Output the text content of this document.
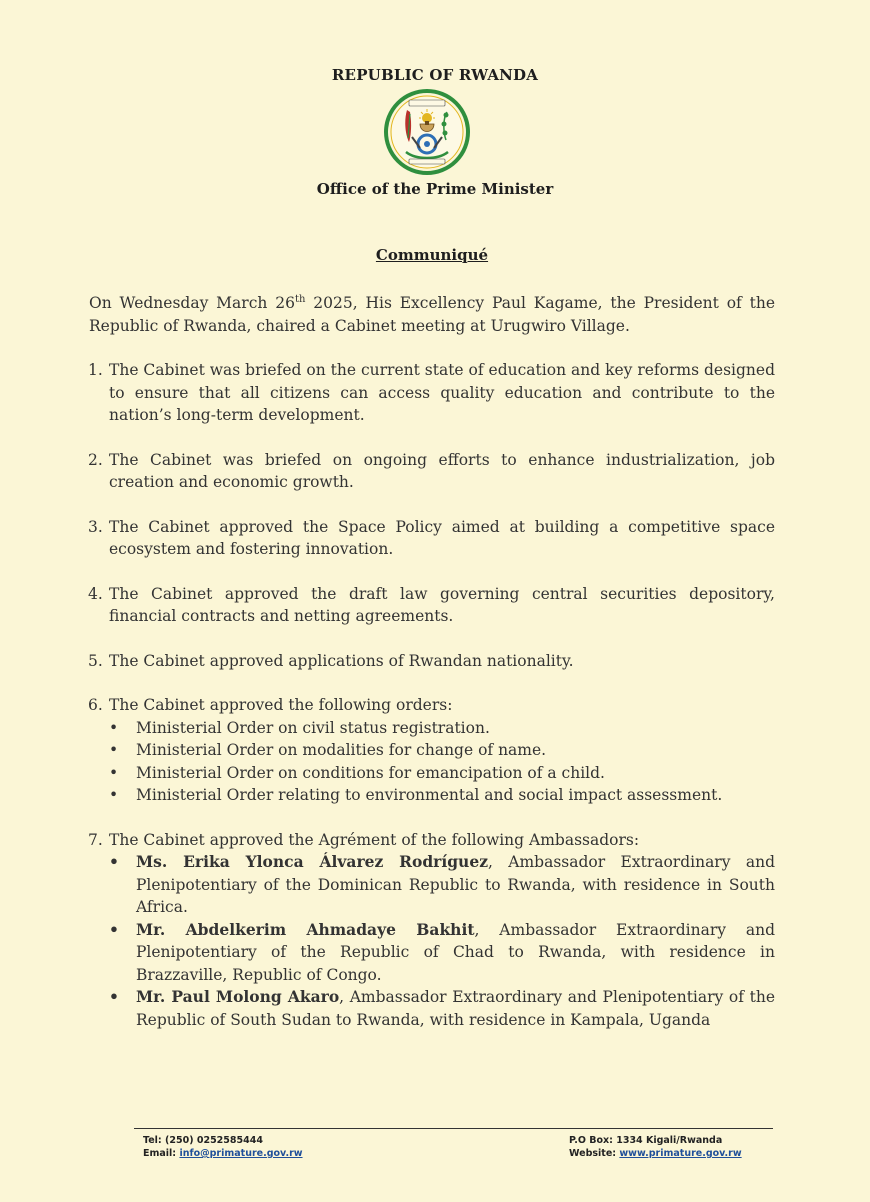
REPUBLIC OF RWANDA
Office of the Prime Minister
Communiqué

On Wednesday March 26th 2025, His Excellency Paul Kagame, the President of the Republic of Rwanda, chaired a Cabinet meeting at Urugwiro Village.

1. The Cabinet was briefed on the current state of education and key reforms designed to ensure that all citizens can access quality education and contribute to the nation’s long-term development.
2. The Cabinet was briefed on ongoing efforts to enhance industrialization, job creation and economic growth.
3. The Cabinet approved the Space Policy aimed at building a competitive space ecosystem and fostering innovation.
4. The Cabinet approved the draft law governing central securities depository, financial contracts and netting agreements.
5. The Cabinet approved applications of Rwandan nationality.
6. The Cabinet approved the following orders:
• Ministerial Order on civil status registration.
• Ministerial Order on modalities for change of name.
• Ministerial Order on conditions for emancipation of a child.
• Ministerial Order relating to environmental and social impact assessment.
7. The Cabinet approved the Agrément of the following Ambassadors:
• Ms. Erika Ylonca Álvarez Rodríguez, Ambassador Extraordinary and Plenipotentiary of the Dominican Republic to Rwanda, with residence in South Africa.
• Mr. Abdelkerim Ahmadaye Bakhit, Ambassador Extraordinary and Plenipotentiary of the Republic of Chad to Rwanda, with residence in Brazzaville, Republic of Congo.
• Mr. Paul Molong Akaro, Ambassador Extraordinary and Plenipotentiary of the Republic of South Sudan to Rwanda, with residence in Kampala, Uganda
Tel: (250) 0252585444
Email: info@primature.gov.rw
P.O Box: 1334 Kigali/Rwanda
Website: www.primature.gov.rw
